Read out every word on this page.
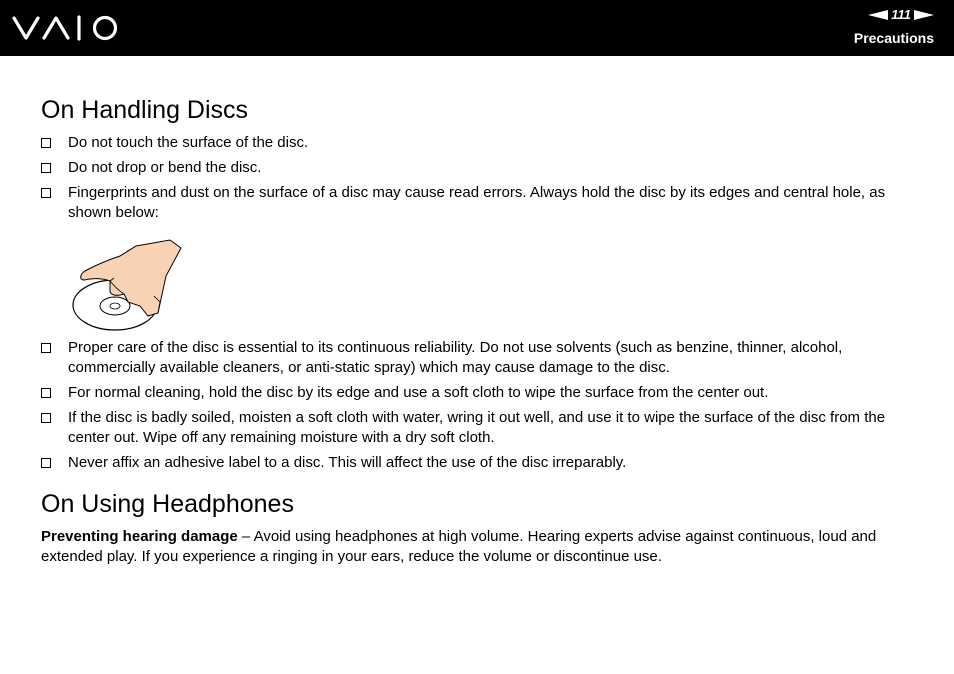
111
Precautions
On Handling Discs
Do not touch the surface of the disc.
Do not drop or bend the disc.
Fingerprints and dust on the surface of a disc may cause read errors. Always hold the disc by its edges and central hole, as shown below:
Proper care of the disc is essential to its continuous reliability. Do not use solvents (such as benzine, thinner, alcohol, commercially available cleaners, or anti-static spray) which may cause damage to the disc.
For normal cleaning, hold the disc by its edge and use a soft cloth to wipe the surface from the center out.
If the disc is badly soiled, moisten a soft cloth with water, wring it out well, and use it to wipe the surface of the disc from the center out. Wipe off any remaining moisture with a dry soft cloth.
Never affix an adhesive label to a disc. This will affect the use of the disc irreparably.
On Using Headphones

Preventing hearing damage – Avoid using headphones at high volume. Hearing experts advise against continuous, loud and extended play. If you experience a ringing in your ears, reduce the volume or discontinue use.
